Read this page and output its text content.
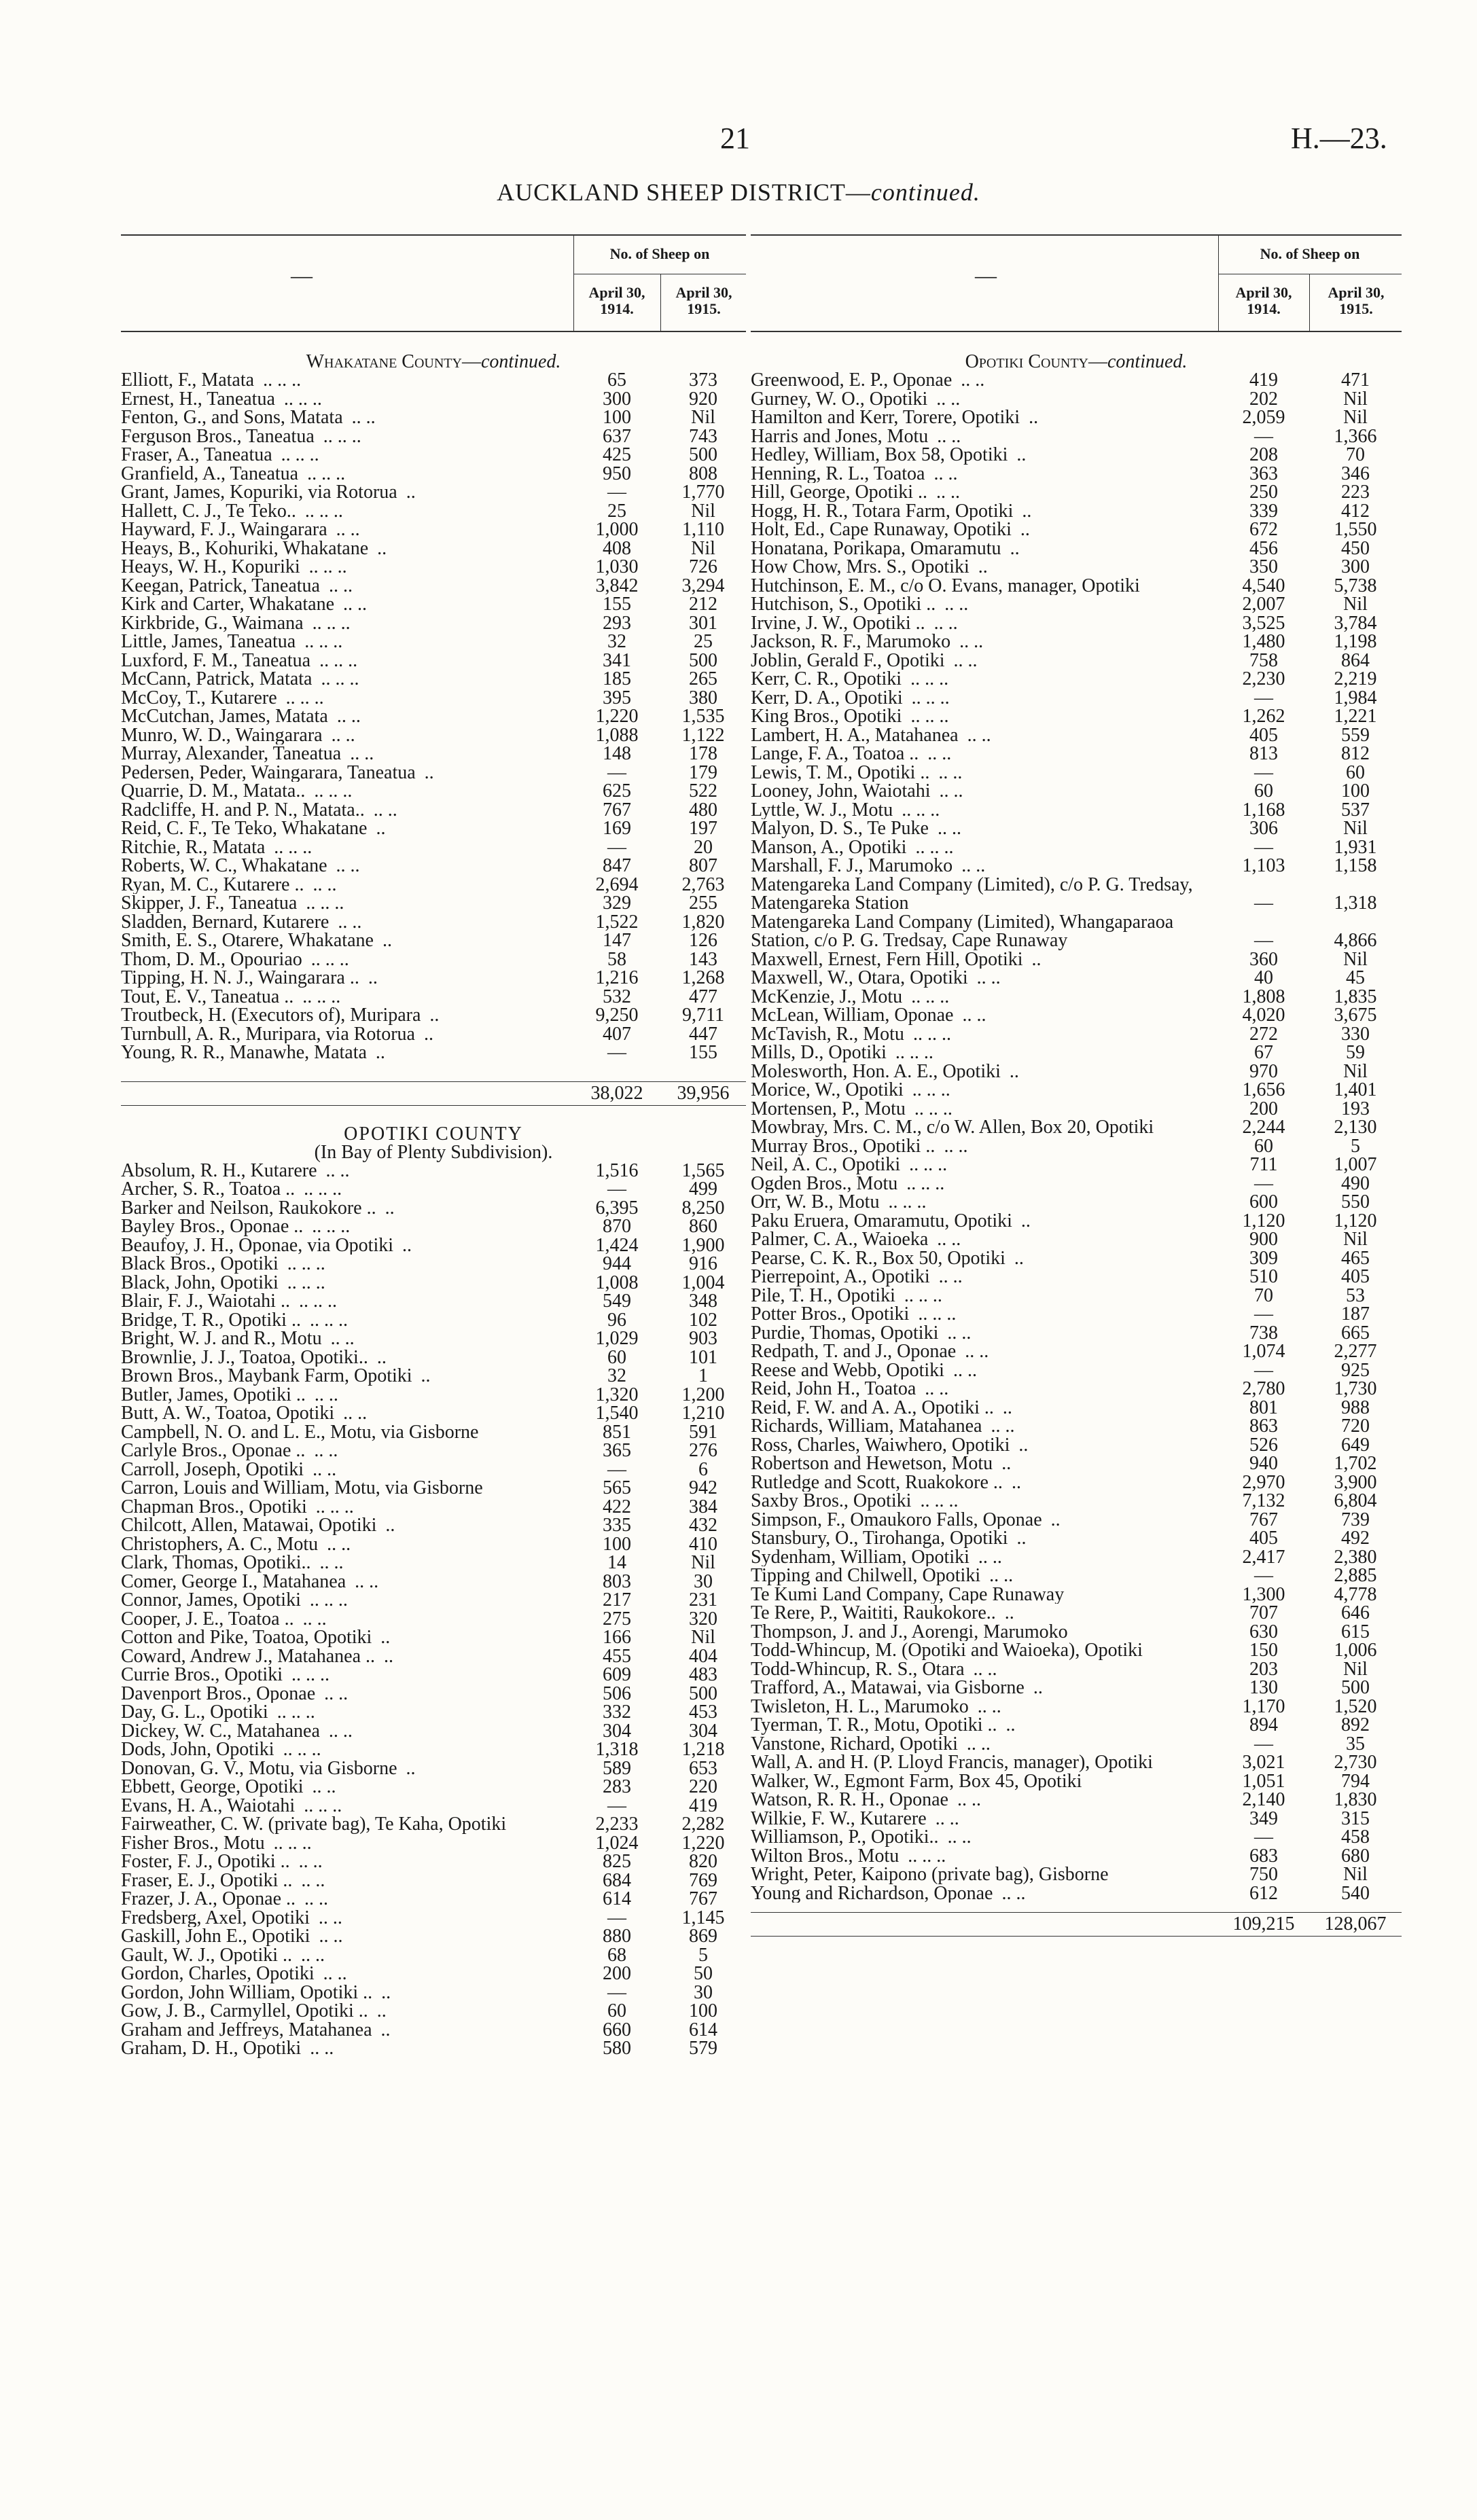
21	H.—23.
AUCKLAND SHEEP DISTRICT—continued.
—
No. of Sheep on
April 30, 1914.
April 30, 1915.
Whakatane County—continued.
Elliott, F., Matata .. .. ..	65	373
Ernest, H., Taneatua .. .. ..	300	920
Fenton, G., and Sons, Matata .. ..	100	Nil
Ferguson Bros., Taneatua .. .. ..	637	743
Fraser, A., Taneatua .. .. ..	425	500
Granfield, A., Taneatua .. .. ..	950	808
Grant, James, Kopuriki, via Rotorua ..	—	1,770
Hallett, C. J., Te Teko.. .. .. ..	25	Nil
Hayward, F. J., Waingarara .. ..	1,000	1,110
Heays, B., Kohuriki, Whakatane ..	408	Nil
Heays, W. H., Kopuriki .. .. ..	1,030	726
Keegan, Patrick, Taneatua .. ..	3,842	3,294
Kirk and Carter, Whakatane .. ..	155	212
Kirkbride, G., Waimana .. .. ..	293	301
Little, James, Taneatua .. .. ..	32	25
Luxford, F. M., Taneatua .. .. ..	341	500
McCann, Patrick, Matata .. .. ..	185	265
McCoy, T., Kutarere .. .. ..	395	380
McCutchan, James, Matata .. ..	1,220	1,535
Munro, W. D., Waingarara .. ..	1,088	1,122
Murray, Alexander, Taneatua .. ..	148	178
Pedersen, Peder, Waingarara, Taneatua ..	—	179
Quarrie, D. M., Matata.. .. .. ..	625	522
Radcliffe, H. and P. N., Matata.. .. ..	767	480
Reid, C. F., Te Teko, Whakatane ..	169	197
Ritchie, R., Matata .. .. ..	—	20
Roberts, W. C., Whakatane .. ..	847	807
Ryan, M. C., Kutarere .. .. ..	2,694	2,763
Skipper, J. F., Taneatua .. .. ..	329	255
Sladden, Bernard, Kutarere .. ..	1,522	1,820
Smith, E. S., Otarere, Whakatane ..	147	126
Thom, D. M., Opouriao .. .. ..	58	143
Tipping, H. N. J., Waingarara .. ..	1,216	1,268
Tout, E. V., Taneatua .. .. .. ..	532	477
Troutbeck, H. (Executors of), Muripara ..	9,250	9,711
Turnbull, A. R., Muripara, via Rotorua ..	407	447
Young, R. R., Manawhe, Matata ..	—	155
38,022	39,956
OPOTIKI COUNTY
(In Bay of Plenty Subdivision).
Absolum, R. H., Kutarere .. ..	1,516	1,565
Archer, S. R., Toatoa .. .. .. ..	—	499
Barker and Neilson, Raukokore .. ..	6,395	8,250
Bayley Bros., Oponae .. .. .. ..	870	860
Beaufoy, J. H., Oponae, via Opotiki ..	1,424	1,900
Black Bros., Opotiki .. .. ..	944	916
Black, John, Opotiki .. .. ..	1,008	1,004
Blair, F. J., Waiotahi .. .. .. ..	549	348
Bridge, T. R., Opotiki .. .. .. ..	96	102
Bright, W. J. and R., Motu .. ..	1,029	903
Brownlie, J. J., Toatoa, Opotiki.. ..	60	101
Brown Bros., Maybank Farm, Opotiki ..	32	1
Butler, James, Opotiki .. .. ..	1,320	1,200
Butt, A. W., Toatoa, Opotiki .. ..	1,540	1,210
Campbell, N. O. and L. E., Motu, via Gisborne	851	591
Carlyle Bros., Oponae .. .. ..	365	276
Carroll, Joseph, Opotiki .. ..	—	6
Carron, Louis and William, Motu, via Gisborne	565	942
Chapman Bros., Opotiki .. .. ..	422	384
Chilcott, Allen, Matawai, Opotiki ..	335	432
Christophers, A. C., Motu .. ..	100	410
Clark, Thomas, Opotiki.. .. ..	14	Nil
Comer, George I., Matahanea .. ..	803	30
Connor, James, Opotiki .. .. ..	217	231
Cooper, J. E., Toatoa .. .. ..	275	320
Cotton and Pike, Toatoa, Opotiki ..	166	Nil
Coward, Andrew J., Matahanea .. ..	455	404
Currie Bros., Opotiki .. .. ..	609	483
Davenport Bros., Oponae .. ..	506	500
Day, G. L., Opotiki .. .. ..	332	453
Dickey, W. C., Matahanea .. ..	304	304
Dods, John, Opotiki .. .. ..	1,318	1,218
Donovan, G. V., Motu, via Gisborne ..	589	653
Ebbett, George, Opotiki .. ..	283	220
Evans, H. A., Waiotahi .. .. ..	—	419
Fairweather, C. W. (private bag), Te Kaha, Opotiki	2,233	2,282
Fisher Bros., Motu .. .. ..	1,024	1,220
Foster, F. J., Opotiki .. .. ..	825	820
Fraser, E. J., Opotiki .. .. ..	684	769
Frazer, J. A., Oponae .. .. ..	614	767
Fredsberg, Axel, Opotiki .. ..	—	1,145
Gaskill, John E., Opotiki .. ..	880	869
Gault, W. J., Opotiki .. .. ..	68	5
Gordon, Charles, Opotiki .. ..	200	50
Gordon, John William, Opotiki .. ..	—	30
Gow, J. B., Carmyllel, Opotiki .. ..	60	100
Graham and Jeffreys, Matahanea ..	660	614
Graham, D. H., Opotiki .. ..	580	579
—
No. of Sheep on
April 30, 1914.
April 30, 1915.
Opotiki County—continued.
Greenwood, E. P., Oponae .. ..	419	471
Gurney, W. O., Opotiki .. ..	202	Nil
Hamilton and Kerr, Torere, Opotiki ..	2,059	Nil
Harris and Jones, Motu .. ..	—	1,366
Hedley, William, Box 58, Opotiki ..	208	70
Henning, R. L., Toatoa .. ..	363	346
Hill, George, Opotiki .. .. ..	250	223
Hogg, H. R., Totara Farm, Opotiki ..	339	412
Holt, Ed., Cape Runaway, Opotiki ..	672	1,550
Honatana, Porikapa, Omaramutu ..	456	450
How Chow, Mrs. S., Opotiki ..	350	300
Hutchinson, E. M., c/o O. Evans, manager, Opotiki	4,540	5,738
Hutchison, S., Opotiki .. .. ..	2,007	Nil
Irvine, J. W., Opotiki .. .. ..	3,525	3,784
Jackson, R. F., Marumoko .. ..	1,480	1,198
Joblin, Gerald F., Opotiki .. ..	758	864
Kerr, C. R., Opotiki .. .. ..	2,230	2,219
Kerr, D. A., Opotiki .. .. ..	—	1,984
King Bros., Opotiki .. .. ..	1,262	1,221
Lambert, H. A., Matahanea .. ..	405	559
Lange, F. A., Toatoa .. .. ..	813	812
Lewis, T. M., Opotiki .. .. ..	—	60
Looney, John, Waiotahi .. ..	60	100
Lyttle, W. J., Motu .. .. ..	1,168	537
Malyon, D. S., Te Puke .. ..	306	Nil
Manson, A., Opotiki .. .. ..	—	1,931
Marshall, F. J., Marumoko .. ..	1,103	1,158
Matengareka Land Company (Limited), c/o P. G. Tredsay, Matengareka Station	—	1,318
Matengareka Land Company (Limited), Whangaparaoa Station, c/o P. G. Tredsay, Cape Runaway	—	4,866
Maxwell, Ernest, Fern Hill, Opotiki ..	360	Nil
Maxwell, W., Otara, Opotiki .. ..	40	45
McKenzie, J., Motu .. .. ..	1,808	1,835
McLean, William, Oponae .. ..	4,020	3,675
McTavish, R., Motu .. .. ..	272	330
Mills, D., Opotiki .. .. ..	67	59
Molesworth, Hon. A. E., Opotiki ..	970	Nil
Morice, W., Opotiki .. .. ..	1,656	1,401
Mortensen, P., Motu .. .. ..	200	193
Mowbray, Mrs. C. M., c/o W. Allen, Box 20, Opotiki	2,244	2,130
Murray Bros., Opotiki .. .. ..	60	5
Neil, A. C., Opotiki .. .. ..	711	1,007
Ogden Bros., Motu .. .. ..	—	490
Orr, W. B., Motu .. .. ..	600	550
Paku Eruera, Omaramutu, Opotiki ..	1,120	1,120
Palmer, C. A., Waioeka .. ..	900	Nil
Pearse, C. K. R., Box 50, Opotiki ..	309	465
Pierrepoint, A., Opotiki .. ..	510	405
Pile, T. H., Opotiki .. .. ..	70	53
Potter Bros., Opotiki .. .. ..	—	187
Purdie, Thomas, Opotiki .. ..	738	665
Redpath, T. and J., Oponae .. ..	1,074	2,277
Reese and Webb, Opotiki .. ..	—	925
Reid, John H., Toatoa .. ..	2,780	1,730
Reid, F. W. and A. A., Opotiki .. ..	801	988
Richards, William, Matahanea .. ..	863	720
Ross, Charles, Waiwhero, Opotiki ..	526	649
Robertson and Hewetson, Motu ..	940	1,702
Rutledge and Scott, Ruakokore .. ..	2,970	3,900
Saxby Bros., Opotiki .. .. ..	7,132	6,804
Simpson, F., Omaukoro Falls, Oponae ..	767	739
Stansbury, O., Tirohanga, Opotiki ..	405	492
Sydenham, William, Opotiki .. ..	2,417	2,380
Tipping and Chilwell, Opotiki .. ..	—	2,885
Te Kumi Land Company, Cape Runaway	1,300	4,778
Te Rere, P., Waititi, Raukokore.. ..	707	646
Thompson, J. and J., Aorengi, Marumoko	630	615
Todd-Whincup, M. (Opotiki and Waioeka), Opotiki	150	1,006
Todd-Whincup, R. S., Otara .. ..	203	Nil
Trafford, A., Matawai, via Gisborne ..	130	500
Twisleton, H. L., Marumoko .. ..	1,170	1,520
Tyerman, T. R., Motu, Opotiki .. ..	894	892
Vanstone, Richard, Opotiki .. ..	—	35
Wall, A. and H. (P. Lloyd Francis, manager), Opotiki	3,021	2,730
Walker, W., Egmont Farm, Box 45, Opotiki	1,051	794
Watson, R. R. H., Oponae .. ..	2,140	1,830
Wilkie, F. W., Kutarere .. ..	349	315
Williamson, P., Opotiki.. .. ..	—	458
Wilton Bros., Motu .. .. ..	683	680
Wright, Peter, Kaipono (private bag), Gisborne	750	Nil
Young and Richardson, Oponae .. ..	612	540
109,215	128,067
